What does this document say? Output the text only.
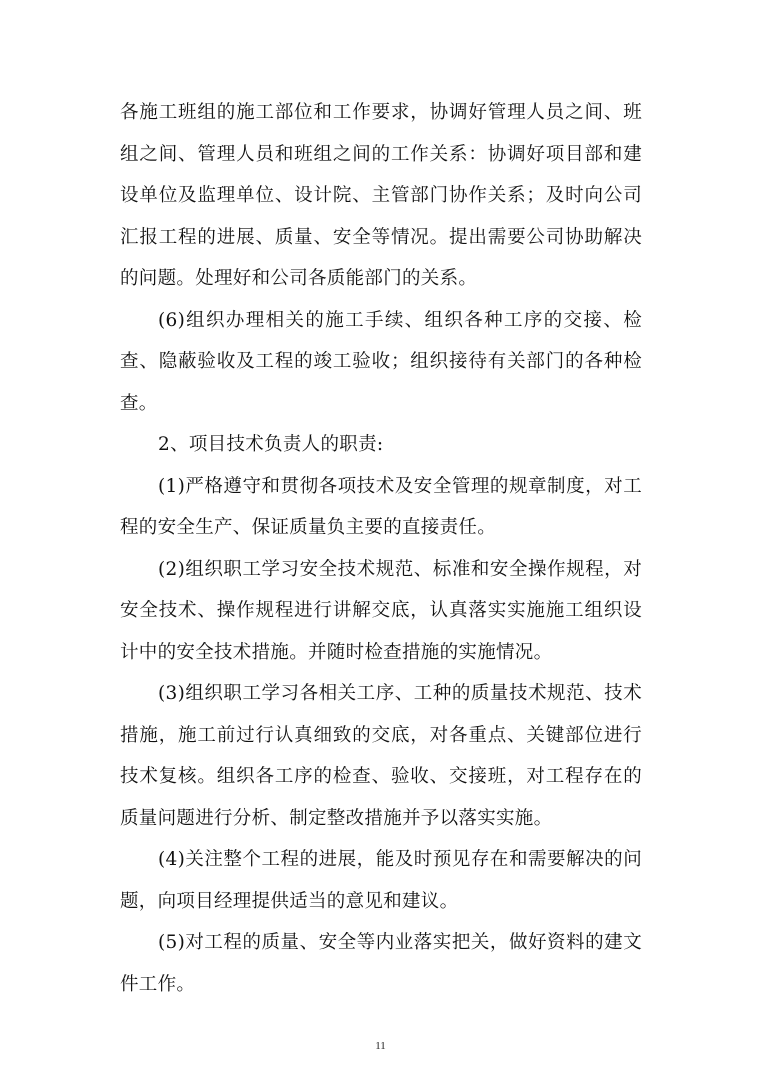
各施工班组的施工部位和工作要求，协调好管理人员之间、班组之间、管理人员和班组之间的工作关系：协调好项目部和建设单位及监理单位、设计院、主管部门协作关系；及时向公司汇报工程的进展、质量、安全等情况。提出需要公司协助解决的问题。处理好和公司各质能部门的关系。

(6)组织办理相关的施工手续、组织各种工序的交接、检查、隐蔽验收及工程的竣工验收；组织接待有关部门的各种检查。

2、项目技术负责人的职责:

(1)严格遵守和贯彻各项技术及安全管理的规章制度，对工程的安全生产、保证质量负主要的直接责任。

(2)组织职工学习安全技术规范、标准和安全操作规程，对安全技术、操作规程进行讲解交底，认真落实实施施工组织设计中的安全技术措施。并随时检查措施的实施情况。

(3)组织职工学习各相关工序、工种的质量技术规范、技术措施，施工前过行认真细致的交底，对各重点、关键部位进行技术复核。组织各工序的检查、验收、交接班，对工程存在的质量问题进行分析、制定整改措施并予以落实实施。

(4)关注整个工程的进展，能及时预见存在和需要解决的问题，向项目经理提供适当的意见和建议。

(5)对工程的质量、安全等内业落实把关，做好资料的建文件工作。

11
